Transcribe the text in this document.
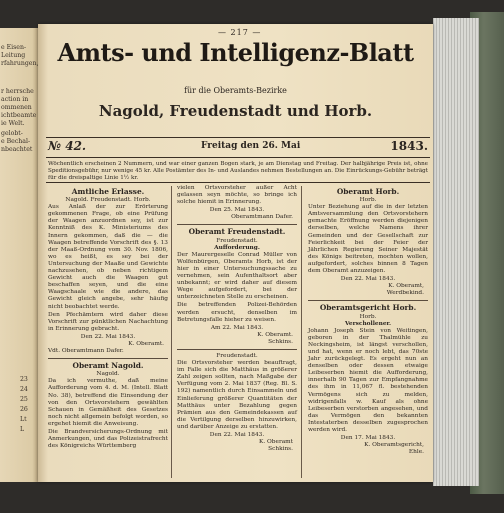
e Eisen-
Leitung
rfahrungen,
r herrsche
action in
ommenen
ichtbeamte
ie Welt.
gelobt-
e Bechal-
nbeachtet
23
24
25
26
Lt
L
— 217 —
Amts- und Intelligenz-Blatt
für die Oberamts-Bezirke
Nagold, Freudenstadt und Horb.
№ 42.	Freitag den 26. Mai	1843.
Wöchentlich erscheinen 2 Nummern, und war einer ganzen Bogen stark, je am Dienstag und Freitag. Der halbjährige Preis ist, ohne Speditionsgebühr, nur wenige 45 kr. Alle Postämter des In- und Auslandes nehmen Bestellungen an. Die Einrückungs-Gebühr beträgt für die dreispaltige Linie 1½ kr.
Amtliche Erlasse.
Nagold. Freudenstadt. Horb.

Aus Anlaß der zur Erörterung gekommenen Frage, ob eine Prüfung der Waagen anzuordnen sey, ist zur Kenntniß des K. Ministeriums des Innern gekommen, daß die — die Waagen betreffende Vorschrift des §. 13 der Maaß-Ordnung vom 30. Nov. 1806, wo es heißt, es sey bei der Untersuchung der Maaße und Gewichte nachzusehen, ob neben richtigem Gewicht auch die Waagen gut beschaffen seyen, und die eine Waagschaale wie die andere, das Gewicht gleich angebe, sehr häufig nicht beobachtet werde.

Den Pfechämtern wird daher diese Vorschrift zur pünktlichen Nachachtung in Erinnerung gebracht.

Den 22. Mai 1843.
K. Oberamt.
Vdt. Oberamtmann Dafer.
Oberamt Nagold.
Nagold.

Da ich vermuthe, daß meine Aufforderung vom 4. d. M. (Intell. Blatt No. 38), betreffend die Einsendung der von den Ortsvorstehern gewählten Schauen in Gemäßheit des Gesetzes noch nicht allgemein befolgt worden, so ergehet hiemit die Anweisung.

Die Brandversicherungs-Ordnung mit Anmerkungen, und das Polizeistrafrecht des Königreichs Württemberg

vielen Ortsvorsteher außer Acht gelassen seyn möchte, so bringe ich solche hiemit in Erinnerung.

Den 25. Mai 1843.
Oberamtmann Dafer.
Oberamt Freudenstadt.
Freudenstadt.
Aufforderung.

Der Maurergeselle Conrad Müller von Wolfenbürgen, Oberamts Horb, ist der hier in einer Untersuchungssache zu vernehmen, sein Aufenthaltsort aber unbekannt; er wird daher auf diesem Wege aufgefordert, bei der unterzeichneten Stelle zu erscheinen.

Die betreffenden Polizei-Behörden werden ersucht, denselben im Betretungsfalle hieher zu weisen.

Am 22. Mai 1843.
K. Oberamt.
Schkins.
Freudenstadt.

Die Ortsvorsteher werden beauftragt, im Falle sich die Matthäus in größerer Zahl zeigen sollten, nach Maßgabe der Verfügung vom 2. Mai 1837 (Reg. Bl. S. 192) namentlich durch Einsammeln und Einlieferung größerer Quantitäten der Matthäus unter Bezahlung gegen Prämien aus den Gemeindekassen auf die Vertilgung derselben hinzuwirken, und darüber Anzeige zu erstatten.

Den 22. Mai 1843.
K. Oberamt
Schkins.
Oberamt Horb.
Horb.

Unter Beziehung auf die in der letzten Amtsversammlung den Ortsvorstehern gemachte Eröffnung werden diejenigen derselben, welche Namens ihrer Gemeinden und der Gesellschaft zur Feierlichkeit bei der Feier der Jährlichen Regierung Seiner Majestät des Königs beitreten, mochten wollen, aufgefordert, solches binnen 8 Tagen dem Oberamt anzuzeigen.

Den 22. Mai 1843.
K. Oberamt,
Werdbekind.
Oberamtsgericht Horb.
Horb.
Verschollener.

Johann Joseph Stein von Weitingen, geboren in der Thalmühle zu Neckingsheim, ist längst verschollen, und hat, wenn er noch lebt, das 70ste Jahr zurückgelegt. Es ergeht nun an denselben oder dessen etwaige Leibeserben hiemit die Aufforderung, innerhalb 90 Tagen zur Empfangnahme des ihm in 11,067 fl. bestehenden Vermögens sich zu melden, widrigenfalls w. Kauf als ohne Leibeserben verstorben angesehen, und das Vermögen den bekannten Intestaterben desselben zugesprochen werden wird.

Den 17. Mai 1843.
K. Oberamtsgericht,
Ehle.
